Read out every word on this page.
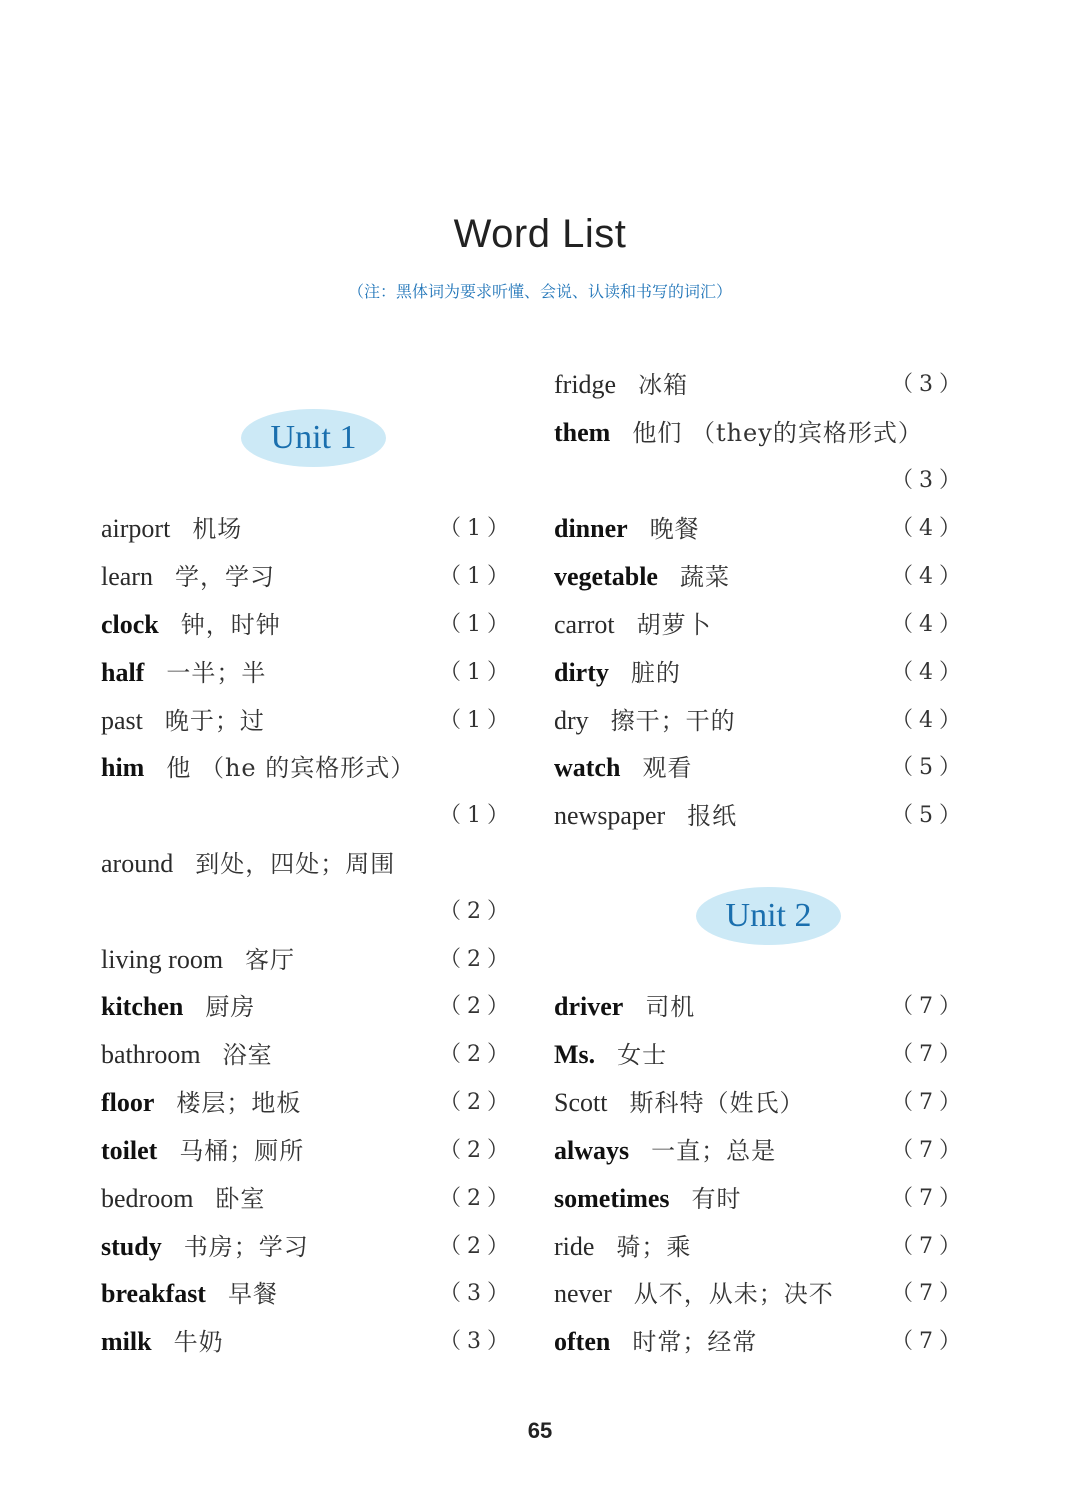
Word List
（注：黑体词为要求听懂、会说、认读和书写的词汇）
Unit 1
Unit 2
airport 机场	（1）
learn 学，学习	（1）
clock 钟，时钟	（1）
half 一半；半	（1）
past 晚于；过	（1）
him 他 （he 的宾格形式）
（1）
around 到处，四处；周围
（2）
living room 客厅	（2）
kitchen 厨房	（2）
bathroom 浴室	（2）
floor 楼层；地板	（2）
toilet 马桶；厕所	（2）
bedroom 卧室	（2）
study 书房；学习	（2）
breakfast 早餐	（3）
milk 牛奶	（3）
fridge 冰箱	（3）
them 他们 （they的宾格形式）
（3）
dinner 晚餐	（4）
vegetable 蔬菜	（4）
carrot 胡萝卜	（4）
dirty 脏的	（4）
dry 擦干；干的	（4）
watch 观看	（5）
newspaper 报纸	（5）
driver 司机	（7）
Ms. 女士	（7）
Scott 斯科特（姓氏）	（7）
always 一直；总是	（7）
sometimes 有时	（7）
ride 骑；乘	（7）
never 从不，从未；决不	（7）
often 时常；经常	（7）
65
